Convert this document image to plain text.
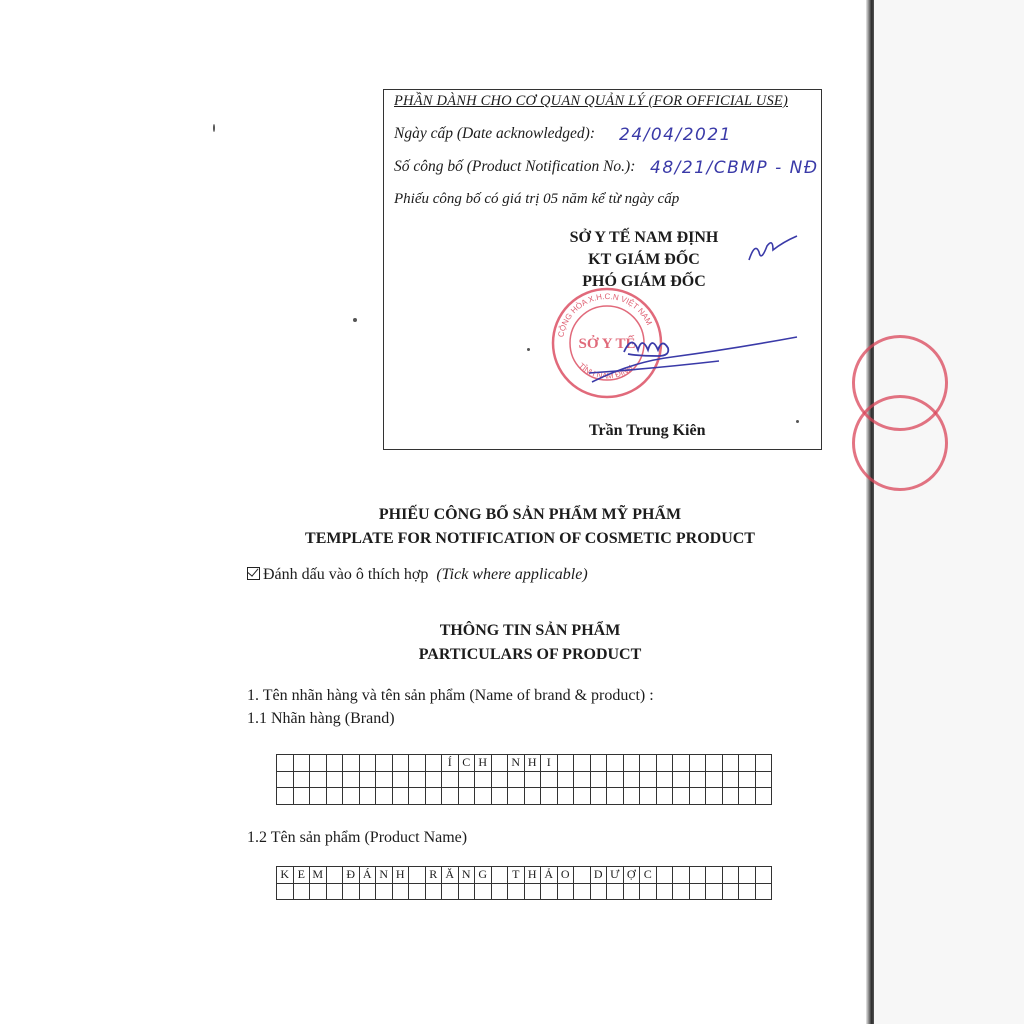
PHẦN DÀNH CHO CƠ QUAN QUẢN LÝ (FOR OFFICIAL USE)
Ngày cấp (Date acknowledged): 24/04/2021
Số công bố (Product Notification No.): 48/21/CBMP - NĐ
Phiếu công bố có giá trị 05 năm kể từ ngày cấp
SỞ Y TẾ NAM ĐỊNH
KT GIÁM ĐỐC
PHÓ GIÁM ĐỐC
CỘNG HÒA X.H.C.N VIỆT NAM
TỈNH NAM ĐỊNH
SỞ Y TẾ
Trần Trung Kiên
PHIẾU CÔNG BỐ SẢN PHẨM MỸ PHẨM
TEMPLATE FOR NOTIFICATION OF COSMETIC PRODUCT
Đánh dấu vào ô thích hợp (Tick where applicable)
THÔNG TIN SẢN PHẨM
PARTICULARS OF PRODUCT
1. Tên nhãn hàng và tên sản phẩm (Name of brand & product) :
1.1 Nhãn hàng (Brand)
										Í	C	H		N	H	I													

1.2 Tên sản phẩm (Product Name)
K	E	M		Đ	Á	N	H		R	Ă	N	G		T	H	Ả	O		D	Ư	Ợ	C							
